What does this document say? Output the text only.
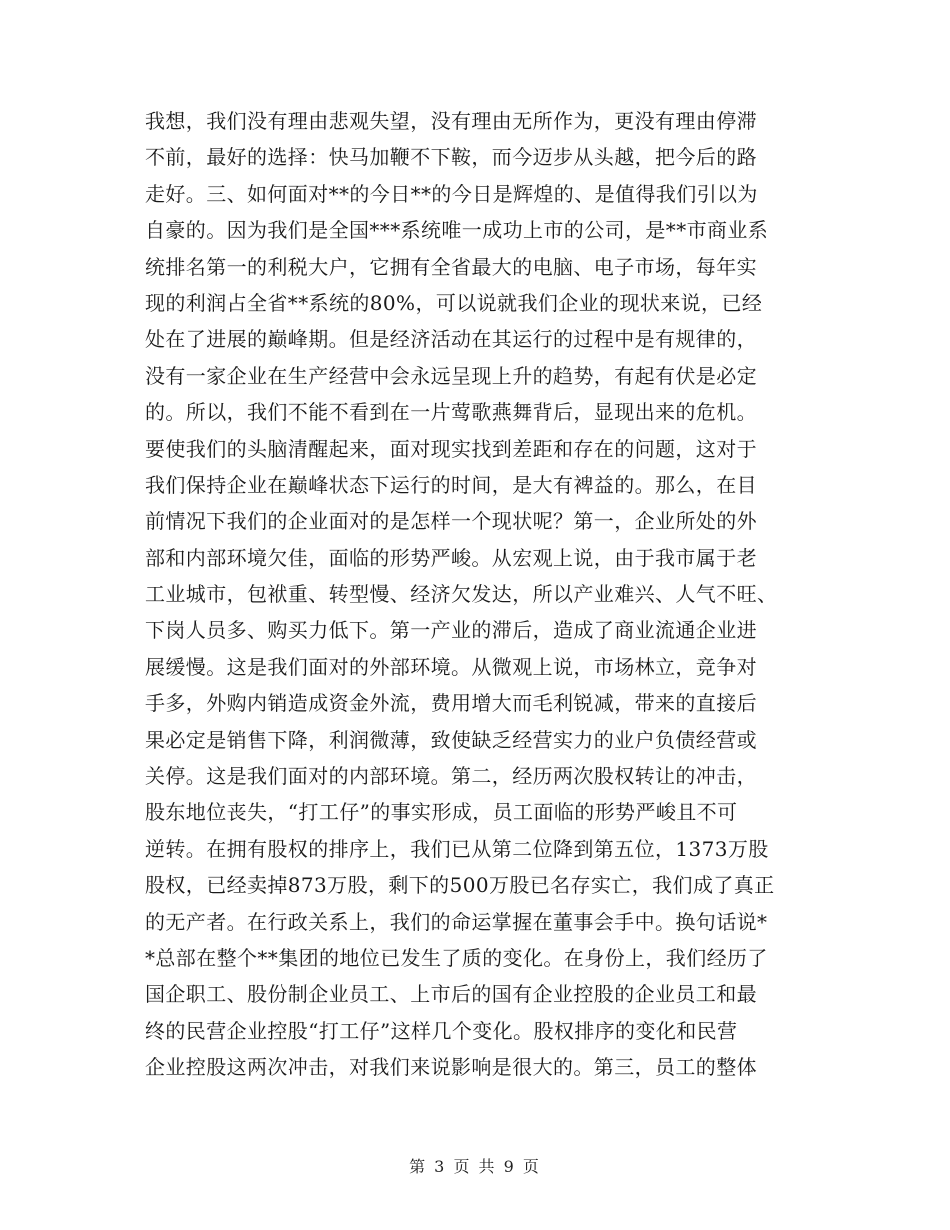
我想，我们没有理由悲观失望，没有理由无所作为，更没有理由停滞
不前，最好的选择：快马加鞭不下鞍，而今迈步从头越，把今后的路
走好。三、如何面对**的今日**的今日是辉煌的、是值得我们引以为
自豪的。因为我们是全国***系统唯一成功上市的公司，是**市商业系
统排名第一的利税大户，它拥有全省最大的电脑、电子市场，每年实
现的利润占全省**系统的80%，可以说就我们企业的现状来说，已经
处在了进展的巅峰期。但是经济活动在其运行的过程中是有规律的，
没有一家企业在生产经营中会永远呈现上升的趋势，有起有伏是必定
的。所以，我们不能不看到在一片莺歌燕舞背后，显现出来的危机。
要使我们的头脑清醒起来，面对现实找到差距和存在的问题，这对于
我们保持企业在巅峰状态下运行的时间，是大有裨益的。那么，在目
前情况下我们的企业面对的是怎样一个现状呢？第一，企业所处的外
部和内部环境欠佳，面临的形势严峻。从宏观上说，由于我市属于老
工业城市，包袱重、转型慢、经济欠发达，所以产业难兴、人气不旺、
下岗人员多、购买力低下。第一产业的滞后，造成了商业流通企业进
展缓慢。这是我们面对的外部环境。从微观上说，市场林立，竞争对
手多，外购内销造成资金外流，费用增大而毛利锐减，带来的直接后
果必定是销售下降，利润微薄，致使缺乏经营实力的业户负债经营或
关停。这是我们面对的内部环境。第二，经历两次股权转让的冲击，
股东地位丧失，“打工仔”的事实形成，员工面临的形势严峻且不可
逆转。在拥有股权的排序上，我们已从第二位降到第五位，1373万股
股权，已经卖掉873万股，剩下的500万股已名存实亡，我们成了真正
的无产者。在行政关系上，我们的命运掌握在董事会手中。换句话说*
*总部在整个**集团的地位已发生了质的变化。在身份上，我们经历了
国企职工、股份制企业员工、上市后的国有企业控股的企业员工和最
终的民营企业控股“打工仔”这样几个变化。股权排序的变化和民营
企业控股这两次冲击，对我们来说影响是很大的。第三，员工的整体
第 3 页 共 9 页
